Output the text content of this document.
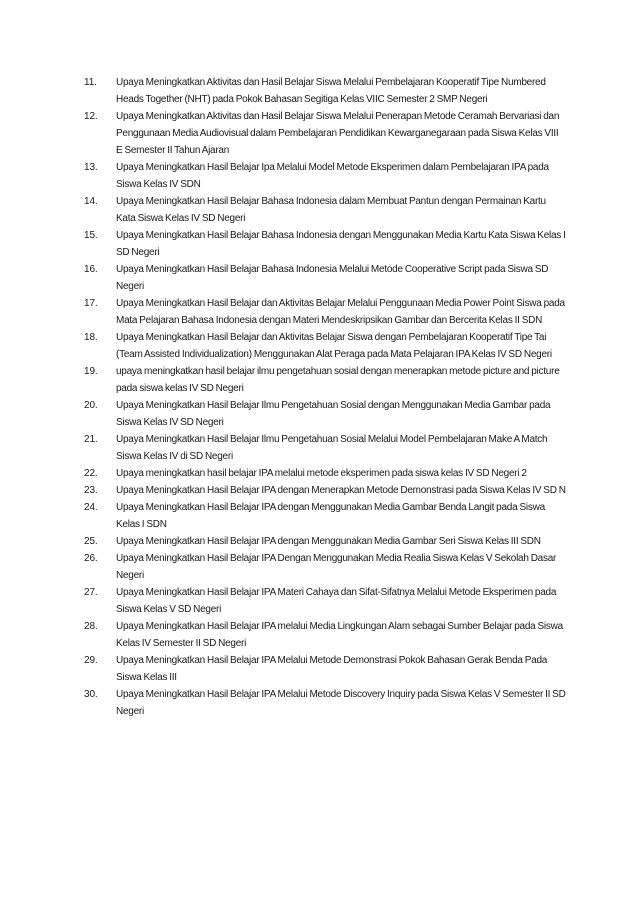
11.	Upaya Meningkatkan Aktivitas dan Hasil Belajar Siswa Melalui Pembelajaran Kooperatif Tipe Numbered Heads Together (NHT) pada Pokok Bahasan Segitiga Kelas VIIC Semester 2 SMP Negeri
12.	Upaya Meningkatkan Aktivitas dan Hasil Belajar Siswa Melalui Penerapan Metode Ceramah Bervariasi dan Penggunaan Media Audiovisual dalam Pembelajaran Pendidikan Kewarganegaraan pada Siswa Kelas VIII E Semester II Tahun Ajaran
13.	Upaya Meningkatkan Hasil Belajar Ipa Melalui Model Metode Eksperimen dalam Pembelajaran IPA pada Siswa Kelas IV SDN
14.	Upaya Meningkatkan Hasil Belajar Bahasa Indonesia dalam Membuat Pantun dengan Permainan Kartu Kata Siswa Kelas IV SD Negeri
15.	Upaya Meningkatkan Hasil Belajar Bahasa Indonesia dengan Menggunakan Media Kartu Kata Siswa Kelas I SD Negeri
16.	Upaya Meningkatkan Hasil Belajar Bahasa Indonesia Melalui Metode Cooperative Script pada Siswa SD Negeri
17.	Upaya Meningkatkan Hasil Belajar dan Aktivitas Belajar Melalui Penggunaan Media Power Point Siswa pada Mata Pelajaran Bahasa Indonesia dengan Materi Mendeskripsikan Gambar dan Bercerita Kelas II SDN
18.	Upaya Meningkatkan Hasil Belajar dan Aktivitas Belajar Siswa dengan Pembelajaran Kooperatif Tipe Tai (Team Assisted Individualization) Menggunakan Alat Peraga pada Mata Pelajaran IPA Kelas IV SD Negeri
19.	upaya meningkatkan hasil belajar ilmu pengetahuan sosial dengan menerapkan metode picture and picture pada siswa kelas IV SD Negeri
20.	Upaya Meningkatkan Hasil Belajar Ilmu Pengetahuan Sosial dengan Menggunakan Media Gambar pada Siswa Kelas IV SD Negeri
21.	Upaya Meningkatkan Hasil Belajar Ilmu Pengetahuan Sosial Melalui Model Pembelajaran Make A Match Siswa Kelas IV di SD Negeri
22.	Upaya meningkatkan hasil belajar IPA melalui metode eksperimen pada siswa kelas IV SD Negeri 2
23.	Upaya Meningkatkan Hasil Belajar IPA dengan Menerapkan Metode Demonstrasi pada Siswa Kelas IV SD N
24.	Upaya Meningkatkan Hasil Belajar IPA dengan Menggunakan Media Gambar Benda Langit pada Siswa Kelas I SDN
25.	Upaya Meningkatkan Hasil Belajar IPA dengan Menggunakan Media Gambar Seri Siswa Kelas III SDN
26.	Upaya Meningkatkan Hasil Belajar IPA Dengan Menggunakan Media Realia Siswa Kelas V Sekolah Dasar Negeri
27.	Upaya Meningkatkan Hasil Belajar IPA Materi Cahaya dan Sifat-Sifatnya Melalui Metode Eksperimen pada Siswa Kelas V SD Negeri
28.	Upaya Meningkatkan Hasil Belajar IPA melalui Media Lingkungan Alam sebagai Sumber Belajar pada Siswa Kelas IV Semester II SD Negeri
29.	Upaya Meningkatkan Hasil Belajar IPA Melalui Metode Demonstrasi Pokok Bahasan Gerak Benda Pada Siswa Kelas III
30.	Upaya Meningkatkan Hasil Belajar IPA Melalui Metode Discovery Inquiry pada Siswa Kelas V Semester II SD Negeri
